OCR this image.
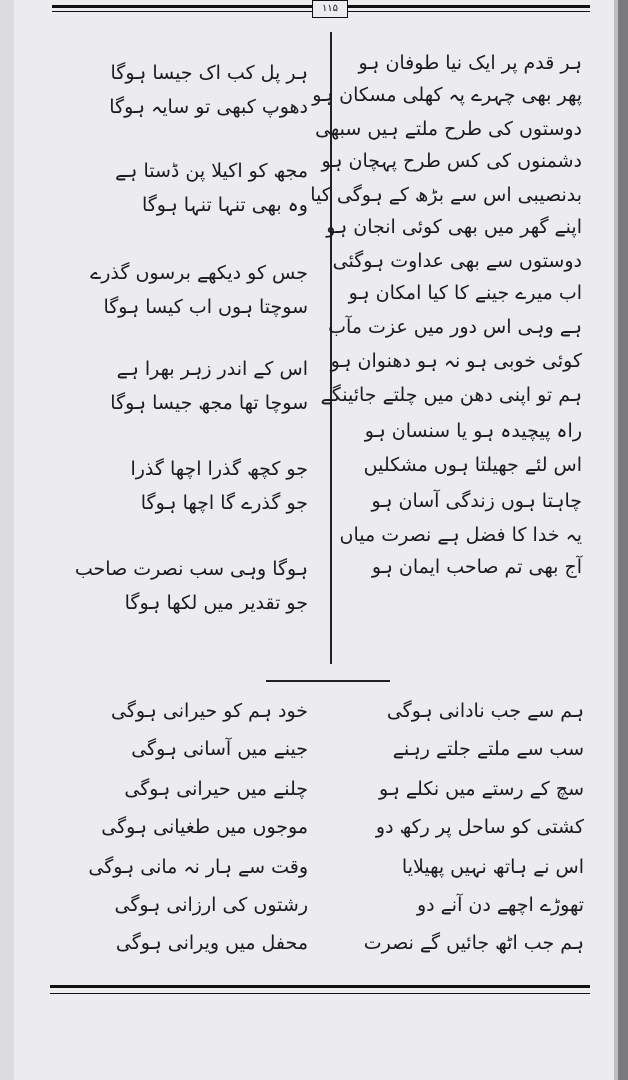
۱۱۵
ہر قدم پر ایک نیا طوفان ہو
پھر بھی چہرے پہ کھلی مسکان ہو
دوستوں کی طرح ملتے ہیں سبھی
دشمنوں کی کس طرح پہچان ہو
بدنصیبی اس سے بڑھ کے ہوگی کیا
اپنے گھر میں بھی کوئی انجان ہو
دوستوں سے بھی عداوت ہوگئی
اب میرے جینے کا کیا امکان ہو
ہے وہی اس دور میں عزت مآب
کوئی خوبی ہو نہ ہو دھنوان ہو
ہم تو اپنی دھن میں چلتے جائینگے
راہ پیچیدہ ہو یا سنسان ہو
اس لئے جھیلتا ہوں مشکلیں
چاہتا ہوں زندگی آسان ہو
یہ خدا کا فضل ہے نصرت میاں
آج بھی تم صاحب ایمان ہو
ہر پل کب اک جیسا ہوگا
دھوپ کبھی تو سایہ ہوگا
مجھ کو اکیلا پن ڈستا ہے
وہ بھی تنہا تنہا ہوگا
جس کو دیکھے برسوں گذرے
سوچتا ہوں اب کیسا ہوگا
اس کے اندر زہر بھرا ہے
سوچا تھا مجھ جیسا ہوگا
جو کچھ گذرا اچھا گذرا
جو گذرے گا اچھا ہوگا
ہوگا وہی سب نصرت صاحب
جو تقدیر میں لکھا ہوگا
ہم سے جب نادانی ہوگی
سب سے ملتے جلتے رہنے
سچ کے رستے میں نکلے ہو
کشتی کو ساحل پر رکھ دو
اس نے ہاتھ نہیں پھیلایا
تھوڑے اچھے دن آنے دو
ہم جب اٹھ جائیں گے نصرت
خود ہم کو حیرانی ہوگی
جینے میں آسانی ہوگی
چلنے میں حیرانی ہوگی
موجوں میں طغیانی ہوگی
وقت سے ہار نہ مانی ہوگی
رشتوں کی ارزانی ہوگی
محفل میں ویرانی ہوگی
